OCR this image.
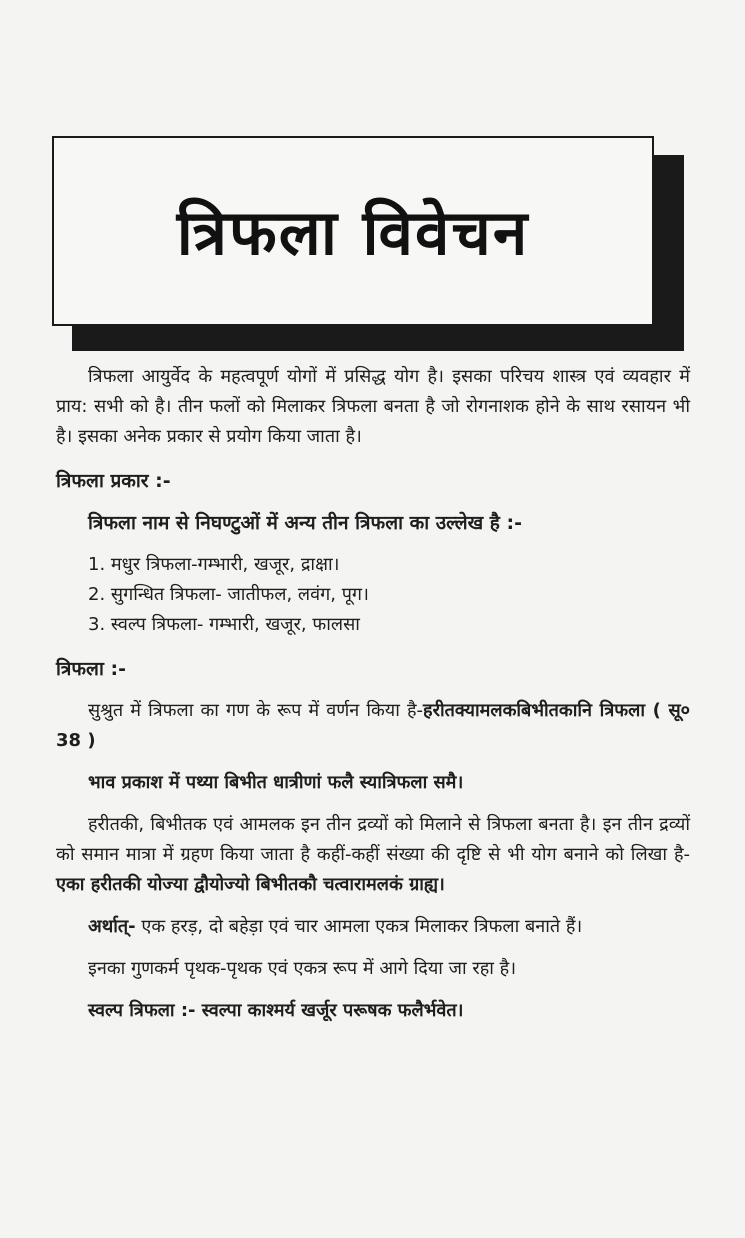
त्रिफला विवेचन

त्रिफला आयुर्वेद के महत्वपूर्ण योगों में प्रसिद्ध योग है। इसका परिचय शास्त्र एवं व्यवहार में प्राय: सभी को है। तीन फलों को मिलाकर त्रिफला बनता है जो रोगनाशक होने के साथ रसायन भी है। इसका अनेक प्रकार से प्रयोग किया जाता है।

त्रिफला प्रकार :-

त्रिफला नाम से निघण्टुओं में अन्य तीन त्रिफला का उल्लेख है :-

1. मधुर त्रिफला-गम्भारी, खजूर, द्राक्षा।
2. सुगन्धित त्रिफला- जातीफल, लवंग, पूग।
3. स्वल्प त्रिफला- गम्भारी, खजूर, फालसा

त्रिफला :-

सुश्रुत में त्रिफला का गण के रूप में वर्णन किया है-हरीतक्यामलकबिभीतकानि त्रिफला ( सू० 38 )

भाव प्रकाश में पथ्या बिभीत धात्रीणां फलै स्यात्रिफला समै।

हरीतकी, बिभीतक एवं आमलक इन तीन द्रव्यों को मिलाने से त्रिफला बनता है। इन तीन द्रव्यों को समान मात्रा में ग्रहण किया जाता है कहीं-कहीं संख्या की दृष्टि से भी योग बनाने को लिखा है- एका हरीतकी योज्या द्वौयोज्यो बिभीतकौ चत्वारामलकं ग्राह्य।

अर्थात्- एक हरड़, दो बहेड़ा एवं चार आमला एकत्र मिलाकर त्रिफला बनाते हैं।

इनका गुणकर्म पृथक-पृथक एवं एकत्र रूप में आगे दिया जा रहा है।

स्वल्प त्रिफला :- स्वल्पा काश्मर्य खर्जूर परूषक फलैर्भवेत।
